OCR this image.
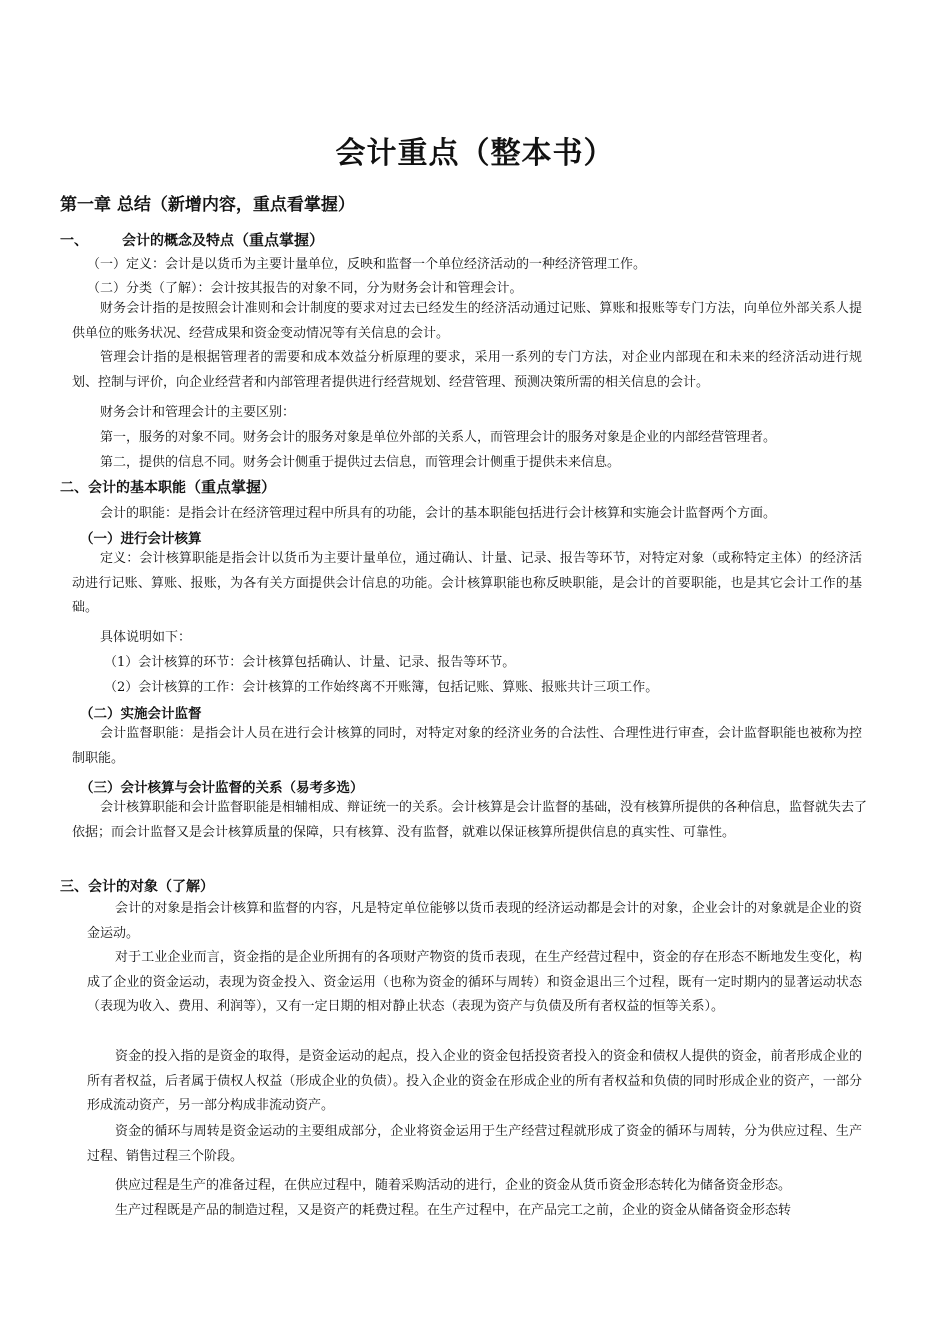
会计重点（整本书）
第一章 总结（新增内容，重点看掌握）
一、 会计的概念及特点（重点掌握）
（一）定义：会计是以货币为主要计量单位，反映和监督一个单位经济活动的一种经济管理工作。
（二）分类（了解）：会计按其报告的对象不同，分为财务会计和管理会计。
财务会计指的是按照会计准则和会计制度的要求对过去已经发生的经济活动通过记账、算账和报账等专门方法，向单位外部关系人提供单位的账务状况、经营成果和资金变动情况等有关信息的会计。
管理会计指的是根据管理者的需要和成本效益分析原理的要求，采用一系列的专门方法，对企业内部现在和未来的经济活动进行规划、控制与评价，向企业经营者和内部管理者提供进行经营规划、经营管理、预测决策所需的相关信息的会计。
财务会计和管理会计的主要区别：
第一，服务的对象不同。财务会计的服务对象是单位外部的关系人，而管理会计的服务对象是企业的内部经营管理者。
第二，提供的信息不同。财务会计侧重于提供过去信息，而管理会计侧重于提供未来信息。
二、会计的基本职能（重点掌握）
会计的职能：是指会计在经济管理过程中所具有的功能，会计的基本职能包括进行会计核算和实施会计监督两个方面。
（一）进行会计核算
定义：会计核算职能是指会计以货币为主要计量单位，通过确认、计量、记录、报告等环节，对特定对象（或称特定主体）的经济活动进行记账、算账、报账，为各有关方面提供会计信息的功能。会计核算职能也称反映职能，是会计的首要职能，也是其它会计工作的基础。
具体说明如下：
（1）会计核算的环节：会计核算包括确认、计量、记录、报告等环节。
（2）会计核算的工作：会计核算的工作始终离不开账簿，包括记账、算账、报账共计三项工作。
（二）实施会计监督
会计监督职能：是指会计人员在进行会计核算的同时，对特定对象的经济业务的合法性、合理性进行审查，会计监督职能也被称为控制职能。
（三）会计核算与会计监督的关系（易考多选）
会计核算职能和会计监督职能是相辅相成、辩证统一的关系。会计核算是会计监督的基础，没有核算所提供的各种信息，监督就失去了依据；而会计监督又是会计核算质量的保障，只有核算、没有监督，就难以保证核算所提供信息的真实性、可靠性。
三、会计的对象（了解）
会计的对象是指会计核算和监督的内容，凡是特定单位能够以货币表现的经济运动都是会计的对象，企业会计的对象就是企业的资金运动。
对于工业企业而言，资金指的是企业所拥有的各项财产物资的货币表现，在生产经营过程中，资金的存在形态不断地发生变化，构成了企业的资金运动，表现为资金投入、资金运用（也称为资金的循环与周转）和资金退出三个过程，既有一定时期内的显著运动状态（表现为收入、费用、利润等），又有一定日期的相对静止状态（表现为资产与负债及所有者权益的恒等关系）。
资金的投入指的是资金的取得，是资金运动的起点，投入企业的资金包括投资者投入的资金和债权人提供的资金，前者形成企业的所有者权益，后者属于债权人权益（形成企业的负债）。投入企业的资金在形成企业的所有者权益和负债的同时形成企业的资产，一部分形成流动资产，另一部分构成非流动资产。
资金的循环与周转是资金运动的主要组成部分，企业将资金运用于生产经营过程就形成了资金的循环与周转，分为供应过程、生产过程、销售过程三个阶段。
供应过程是生产的准备过程，在供应过程中，随着采购活动的进行，企业的资金从货币资金形态转化为储备资金形态。
生产过程既是产品的制造过程，又是资产的耗费过程。在生产过程中，在产品完工之前，企业的资金从储备资金形态转
